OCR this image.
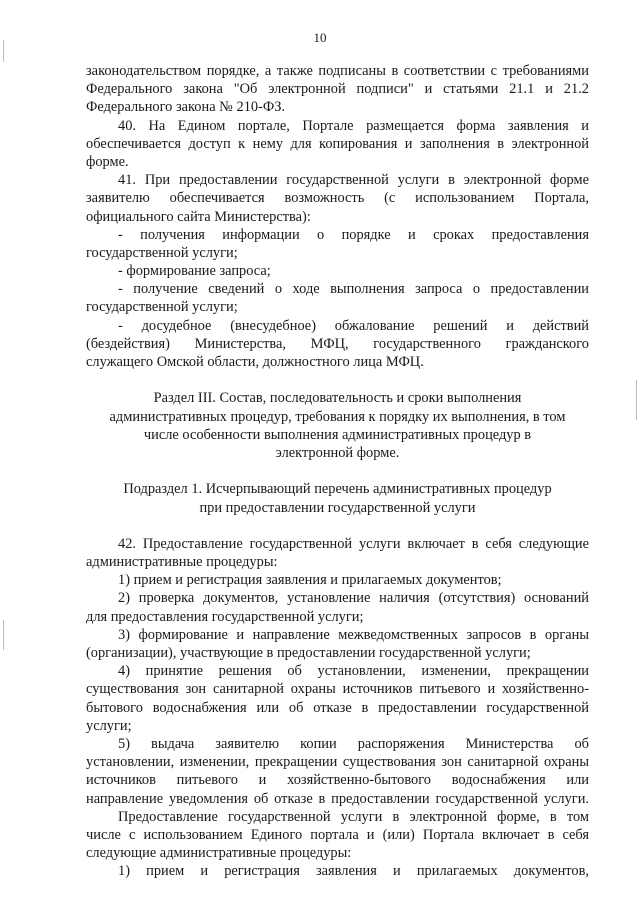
10
законодательством порядке, а также подписаны в соответствии с требованиями
Федерального закона "Об электронной подписи" и статьями 21.1 и 21.2
Федерального закона № 210-ФЗ.
40. На Едином портале, Портале размещается форма заявления и
обеспечивается доступ к нему для копирования и заполнения в электронной
форме.
41. При предоставлении государственной услуги в электронной форме
заявителю обеспечивается возможность (с использованием Портала,
официального сайта Министерства):
- получения информации о порядке и сроках предоставления
государственной услуги;
- формирование запроса;
- получение сведений о ходе выполнения запроса о предоставлении
государственной услуги;
- досудебное (внесудебное) обжалование решений и действий
(бездействия) Министерства, МФЦ, государственного гражданского
служащего Омской области, должностного лица МФЦ.
Раздел III. Состав, последовательность и сроки выполнения
административных процедур, требования к порядку их выполнения, в том
числе особенности выполнения административных процедур в
электронной форме.
Подраздел 1. Исчерпывающий перечень административных процедур
при предоставлении государственной услуги
42. Предоставление государственной услуги включает в себя следующие
административные процедуры:
1) прием и регистрация заявления и прилагаемых документов;
2) проверка документов, установление наличия (отсутствия) оснований
для предоставления государственной услуги;
3) формирование и направление межведомственных запросов в органы
(организации), участвующие в предоставлении государственной услуги;
4) принятие решения об установлении, изменении, прекращении
существования зон санитарной охраны источников питьевого и хозяйственно-
бытового водоснабжения или об отказе в предоставлении государственной
услуги;
5) выдача заявителю копии распоряжения Министерства об
установлении, изменении, прекращении существования зон санитарной охраны
источников питьевого и хозяйственно-бытового водоснабжения или
направление уведомления об отказе в предоставлении государственной услуги.
Предоставление государственной услуги в электронной форме, в том
числе с использованием Единого портала и (или) Портала включает в себя
следующие административные процедуры:
1) прием и регистрация заявления и прилагаемых документов,
